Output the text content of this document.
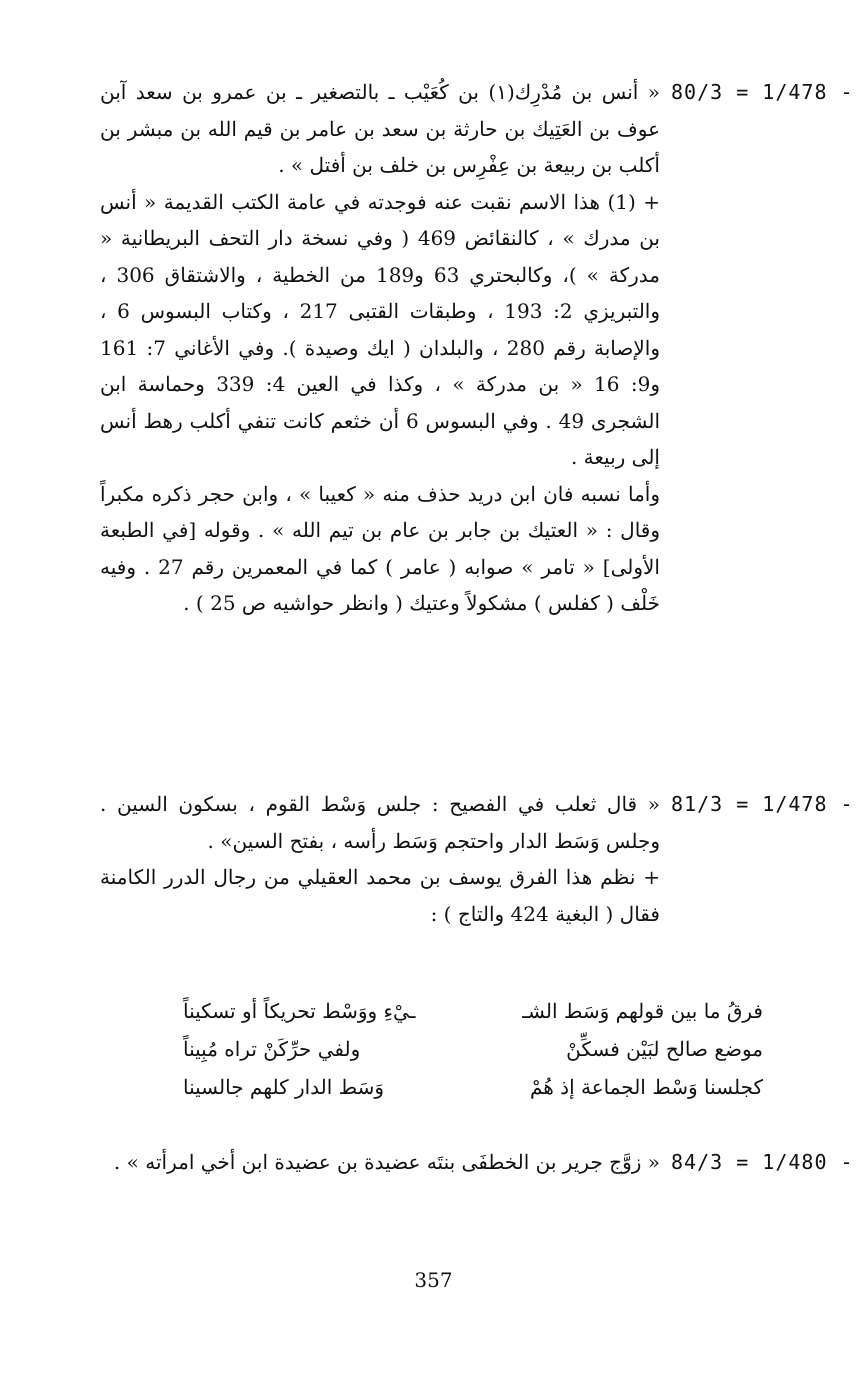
80/3 = 1/478 -

« أنس بن مُدْرِك(١) بن كُعَيْب ـ بالتصغير ـ بن عمرو بن سعد آبن عوف بن العَتِيك بن حارثة بن سعد بن عامر بن قيم الله بن مبشر بن أكلب بن ربيعة بن عِفْرِس بن خلف بن أفتل » .

+ (1) هذا الاسم نقبت عنه فوجدته في عامة الكتب القديمة « أنس بن مدرك » ، كالنقائض 469 ( وفي نسخة دار التحف البريطانية « مدركة » )، وكالبحتري 63 و189 من الخطية ، والاشتقاق 306 ، والتبريزي 2: 193 ، وطبقات القتبى 217 ، وكتاب البسوس 6 ، والإصابة رقم 280 ، والبلدان ( ايك وصيدة ). وفي الأغاني 7: 161 و9: 16 « بن مدركة » ، وكذا في العين 4: 339 وحماسة ابن الشجرى 49 . وفي البسوس 6 أن خثعم كانت تنفي أكلب رهط أنس إلى ربيعة .

وأما نسبه فان ابن دريد حذف منه « كعيبا » ، وابن حجر ذكره مكبراً وقال : « العتيك بن جابر بن عام بن تيم الله » . وقوله [في الطبعة الأولى] « تامر » صوابه ( عامر ) كما في المعمرين رقم 27 . وفيه خَلْف ( كفلس ) مشكولاً وعتيك ( وانظر حواشيه ص 25 ) .

81/3 = 1/478 -

« قال ثعلب في الفصيح : جلس وَسْط القوم ، بسكون السين . وجلس وَسَط الدار واحتجم وَسَط رأسه ، بفتح السين» .

+ نظم هذا الفرق يوسف بن محمد العقيلي من رجال الدرر الكامنة فقال ( البغية 424 والتاج ) :

فرقُ ما بين قولهم وَسَط الشـ
ـيْءِ ووَسْط تحريكاً أو تسكيناً
موضع صالح لبَيْن فسكِّنْ
ولفي حرِّكَنْ تراه مُبِيناً
كجلسنا وَسْط الجماعة إذ هُمْ
وَسَط الدار كلهم جالسينا
84/3 = 1/480 -

« زوَّج جرير بن الخطفَى بنتَه عضيدة بن عضيدة ابن أخي امرأته » .

357
